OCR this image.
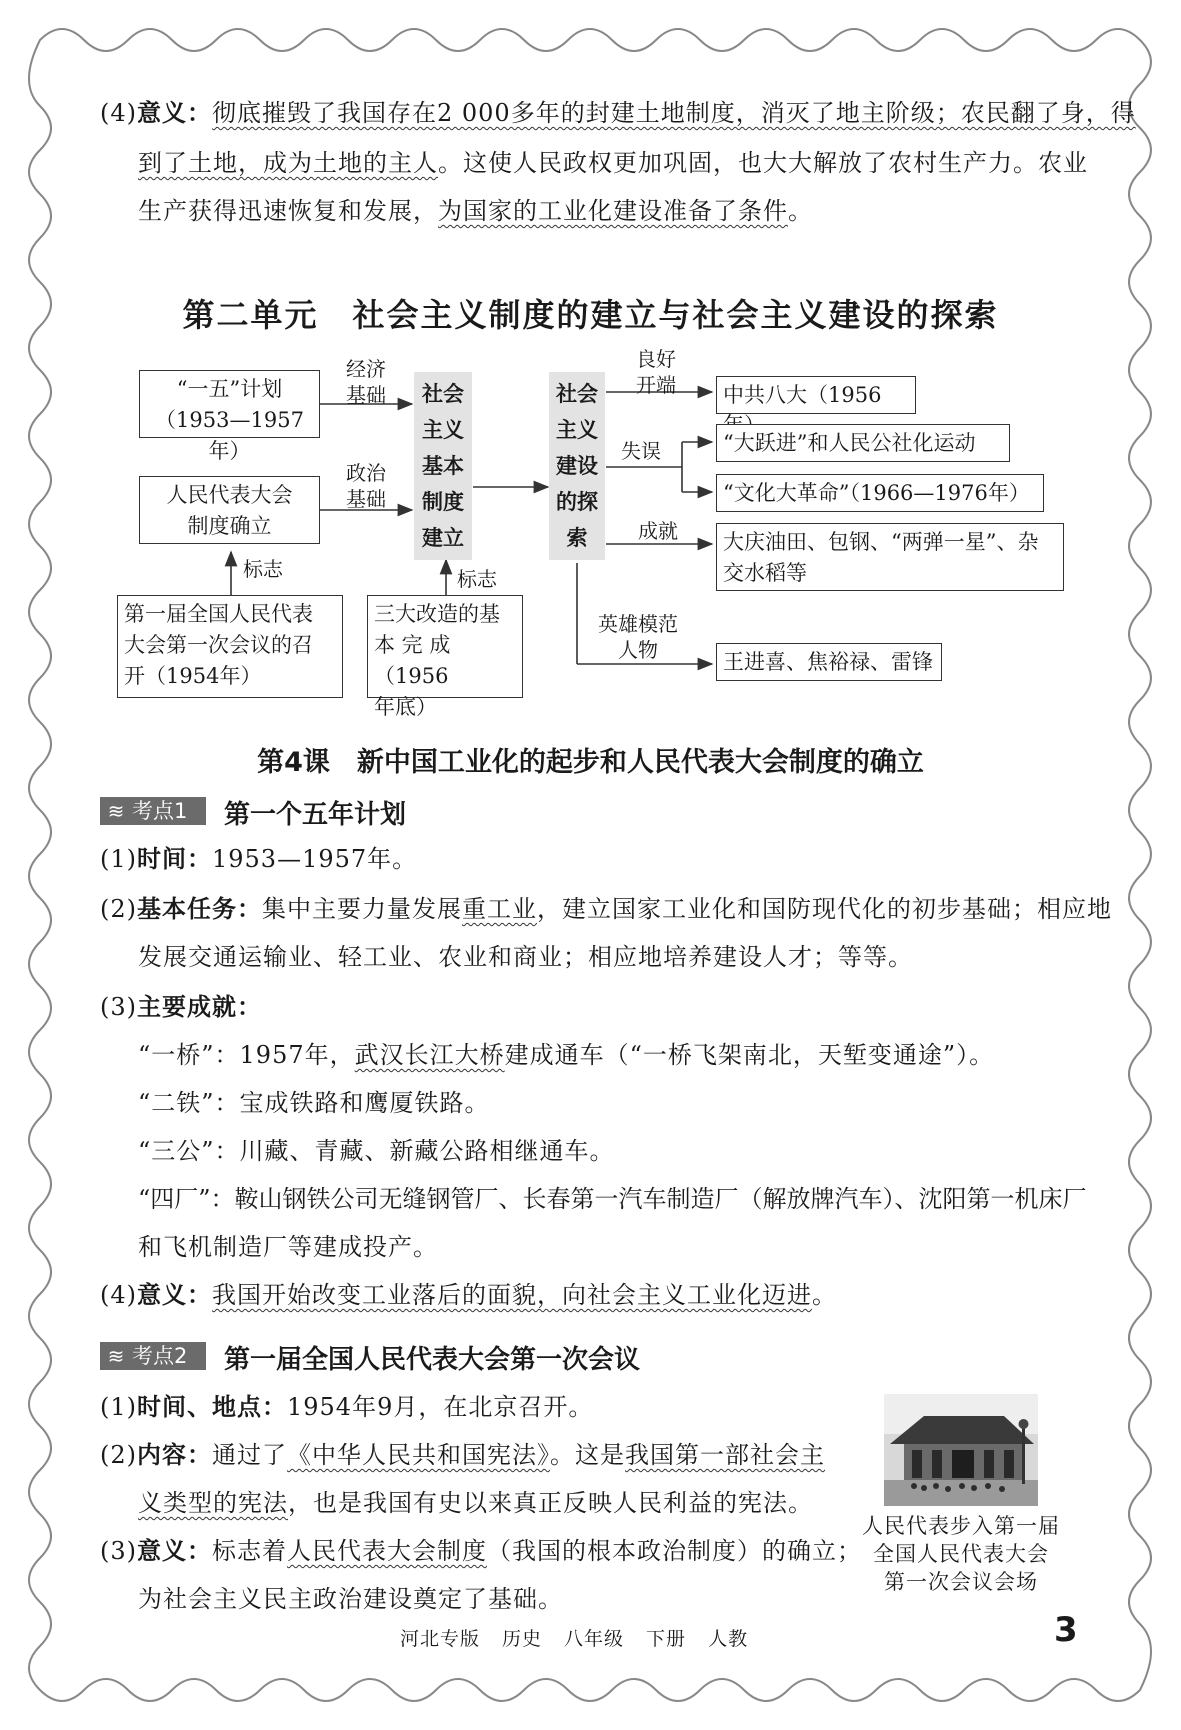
(4)意义：彻底摧毁了我国存在2 000多年的封建土地制度，消灭了地主阶级；农民翻了身，得
到了土地，成为土地的主人。这使人民政权更加巩固，也大大解放了农村生产力。农业
生产获得迅速恢复和发展，为国家的工业化建设准备了条件。
第二单元　社会主义制度的建立与社会主义建设的探索
“一五”计划
（1953—1957年）
人民代表大会
制度确立
经济
基础
政治
基础
标志	标志
第一届全国人民代表
大会第一次会议的召
开（1954年）
三大改造的基
本 完 成（1956
年底）
社会
主义
基本
制度
建立
社会
主义
建设
的探
索
良好
开端
失误
成就
英雄模范
人物
中共八大（1956
“大跃进”和人民公社化运动
“文化大革命”（1966—1976年）
大庆油田、包钢、“两弹一星”、杂
交水稻等
王进喜、焦裕禄、雷锋
第4课　新中国工业化的起步和人民代表大会制度的确立
≋ 考点1	第一个五年计划
(1)时间：1953—1957年。
(2)基本任务：集中主要力量发展重工业，建立国家工业化和国防现代化的初步基础；相应地
发展交通运输业、轻工业、农业和商业；相应地培养建设人才；等等。
(3)主要成就：
“一桥”：1957年，武汉长江大桥建成通车（“一桥飞架南北，天堑变通途”）。
“二铁”：宝成铁路和鹰厦铁路。
“三公”：川藏、青藏、新藏公路相继通车。
“四厂”：鞍山钢铁公司无缝钢管厂、长春第一汽车制造厂（解放牌汽车）、沈阳第一机床厂
和飞机制造厂等建成投产。
(4)意义：我国开始改变工业落后的面貌，向社会主义工业化迈进。
≋ 考点2	第一届全国人民代表大会第一次会议
(1)时间、地点：1954年9月，在北京召开。
(2)内容：通过了《中华人民共和国宪法》。这是我国第一部社会主
义类型的宪法，也是我国有史以来真正反映人民利益的宪法。
(3)意义：标志着人民代表大会制度（我国的根本政治制度）的确立；
为社会主义民主政治建设奠定了基础。
人民代表步入第一届
全国人民代表大会
第一次会议会场
河北专版 历史 八年级 下册 人教	3
